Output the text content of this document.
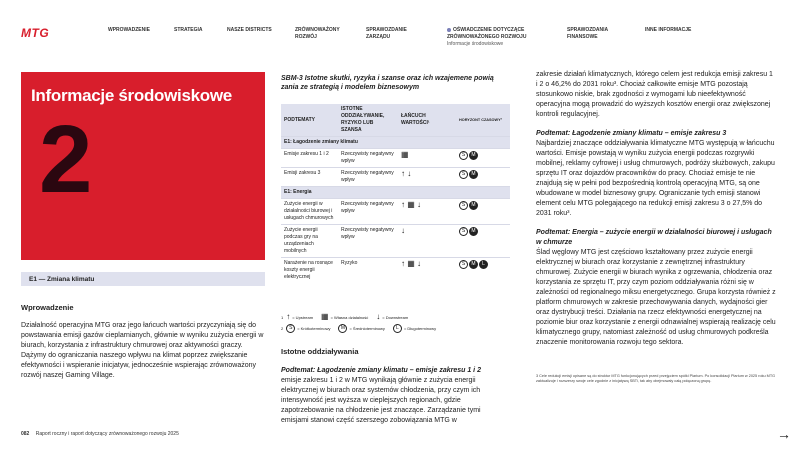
MTG	WPROWADZENIE	STRATEGIA	NASZE DISTRICTS	ZRÓWNOWAŻONY ROZWÓJ
SPRAWOZDANIE ZARZĄDU
OŚWIADCZENIE DOTYCZĄCE ZRÓWNOWAŻONEGO ROZWOJU
Informacje środowiskowe
SPRAWOZDANIA FINANSOWE
INNE INFORMACJE
Informacje środowiskowe
2
E1 — Zmiana klimatu
Wprowadzenie
Działalność operacyjna MTG oraz jego łańcuch wartości przyczyniają się do powstawania emisji gazów cieplarnianych, głównie w wyniku zużycia energii w biurach, korzystania z infrastruktury chmurowej oraz aktywności graczy. Dążymy do ograniczania naszego wpływu na klimat poprzez zwiększanie efektywności i wspieranie inicjatyw, jednocześnie wspierając zrównoważony rozwój naszej Gaming Village.
SBM-3 Istotne skutki, ryzyka i szanse oraz ich wzajemene powią zania ze strategią i modelem biznesowym
PODTEMATY	ISTOTNE ODDZIAŁYWANIE, RYZYKO LUB SZANSA	ŁAŃCUCH WARTOŚCI¹	HORYZONT CZASOWY²
E1: Łagodzenie zmiany klimatu			
Emisje zakresu 1 i 2	Rzeczywisty negatywny wpływ	▦	S M
Emisji zakresu 3	Rzeczywisty negatywny wpływ	↑ ↓	S M
E1: Energia			
Zużycie energii w działalności biurowej i usługach chmurowych	Rzeczywisty negatywny wpływ	↑ ▦ ↓	S M
Zużycie energii podczas gry na urządzeniach mobilnych	Rzeczywisty negatywny wpływ	↓	S M
Narażenie na rosnące koszty energii elektrycznej	Ryzyko	↑ ▦ ↓	S M L
1 ↑ = Upstream ▦ = Własna działalność ↓ = Downstream
2	S	= Krótkoterminowy	M	= Średnioterminowy	L	= Długoterminowy
Istotne oddziaływania
Podtemat: Łagodzenie zmiany klimatu – emisje zakresu 1 i 2
emisje zakresu 1 i 2 w MTG wynikają głównie z zużycia energii elektrycznej w biurach oraz systemów chłodzenia, przy czym ich intensywność jest wyższa w cieplejszych regionach, gdzie zapotrzebowanie na chłodzenie jest znaczące. Zarządzanie tymi emisjami stanowi część szerszego zobowiązania MTG w

zakresie działań klimatycznych, którego celem jest redukcja emisji zakresu 1 i 2 o 46,2% do 2031 roku³. Chociaż całkowite emisje MTG pozostają stosunkowo niskie, brak zgodności z wymogami lub nieefektywność operacyjna mogą prowadzić do wyższych kosztów energii oraz zwiększonej kontroli regulacyjnej.

Podtemat: Łagodzenie zmiany klimatu – emisje zakresu 3
Najbardziej znaczące oddziaływania klimatyczne MTG występują w łańcuchu wartości. Emisje powstają w wyniku zużycia energii podczas rozgrywki mobilnej, reklamy cyfrowej i usług chmurowych, podróży służbowych, zakupu sprzętu IT oraz dojazdów pracowników do pracy. Chociaż emisje te nie znajdują się w pełni pod bezpośrednią kontrolą operacyjną MTG, są one wbudowane w model biznesowy grupy. Ograniczanie tych emisji stanowi element celu MTG polegającego na redukcji emisji zakresu 3 o 27,5% do 2031 roku³.

Podtemat: Energia – zużycie energii w działalności biurowej i usługach w chmurze
Ślad węglowy MTG jest częściowo kształtowany przez zużycie energii elektrycznej w biurach oraz korzystanie z zewnętrznej infrastruktury chmurowej. Zużycie energii w biurach wynika z ogrzewania, chłodzenia oraz korzystania ze sprzętu IT, przy czym poziom oddziaływania różni się w zależności od regionalnego miksu energetycznego. Grupa korzysta również z platform chmurowych w zakresie przechowywania danych, wydajności gier oraz dystrybucji treści. Działania na rzecz efektywności energetycznej na poziomie biur oraz korzystanie z energii odnawialnej wspierają realizację celu klimatycznego grupy, natomiast zależność od usług chmurowych podkreśla znaczenie monitorowania rozwoju tego sektora.

3 Cele redukcji emisji opisane są do struktur MTG funkcjonujących przed przejęciem spółki Plarium. Po konsolidacji Plarium w 2025 roku MTG zaktualizuje i rozszerzy swoje cele zgodnie z inicjatywą SBTi, tak aby obejmowały całą połączoną grupę.
082 Raport roczny i raport dotyczący zrównoważonego rozwoju 2025	→
